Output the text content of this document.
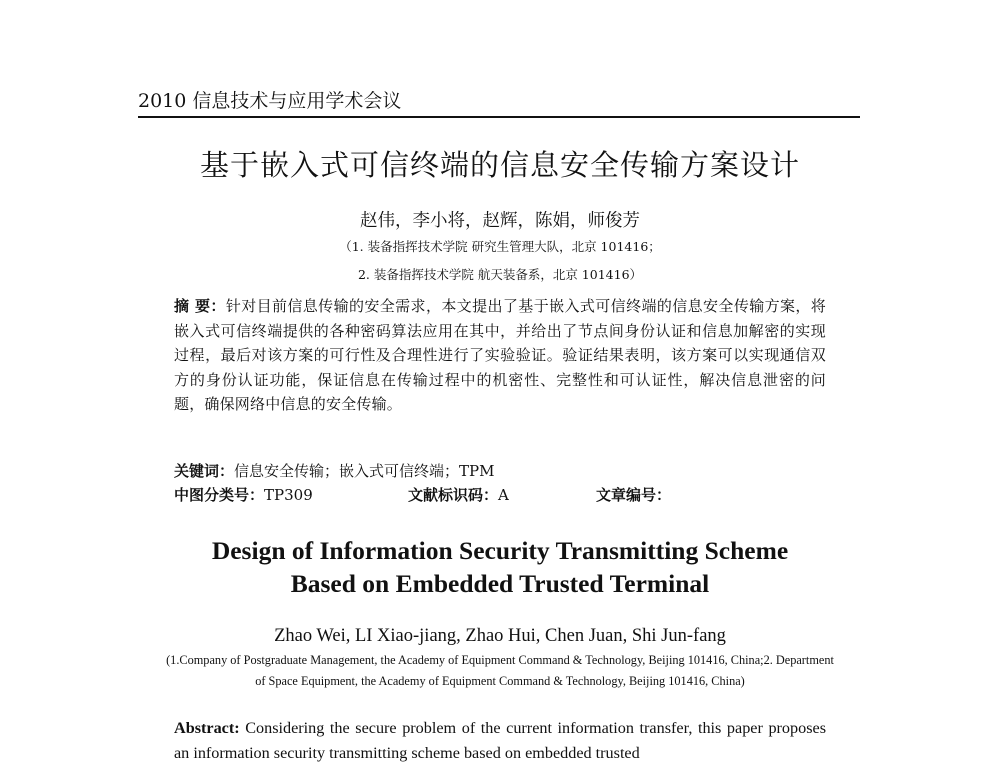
2010 信息技术与应用学术会议
基于嵌入式可信终端的信息安全传输方案设计
赵伟，李小将，赵辉，陈娟，师俊芳
（1. 装备指挥技术学院 研究生管理大队，北京 101416；
2. 装备指挥技术学院 航天装备系，北京 101416）
摘 要：针对目前信息传输的安全需求，本文提出了基于嵌入式可信终端的信息安全传输方案，将嵌入式可信终端提供的各种密码算法应用在其中，并给出了节点间身份认证和信息加解密的实现过程，最后对该方案的可行性及合理性进行了实验验证。验证结果表明，该方案可以实现通信双方的身份认证功能，保证信息在传输过程中的机密性、完整性和可认证性，解决信息泄密的问题，确保网络中信息的安全传输。
关键词：信息安全传输；嵌入式可信终端；TPM
中图分类号：TP309	文献标识码：A	文章编号：
Design of Information Security Transmitting Scheme
Based on Embedded Trusted Terminal
Zhao Wei, LI Xiao-jiang, Zhao Hui, Chen Juan, Shi Jun-fang
(1.Company of Postgraduate Management, the Academy of Equipment Command & Technology, Beijing 101416, China;2. Department of Space Equipment, the Academy of Equipment Command & Technology, Beijing 101416, China)
Abstract: Considering the secure problem of the current information transfer, this paper proposes an information security transmitting scheme based on embedded trusted
